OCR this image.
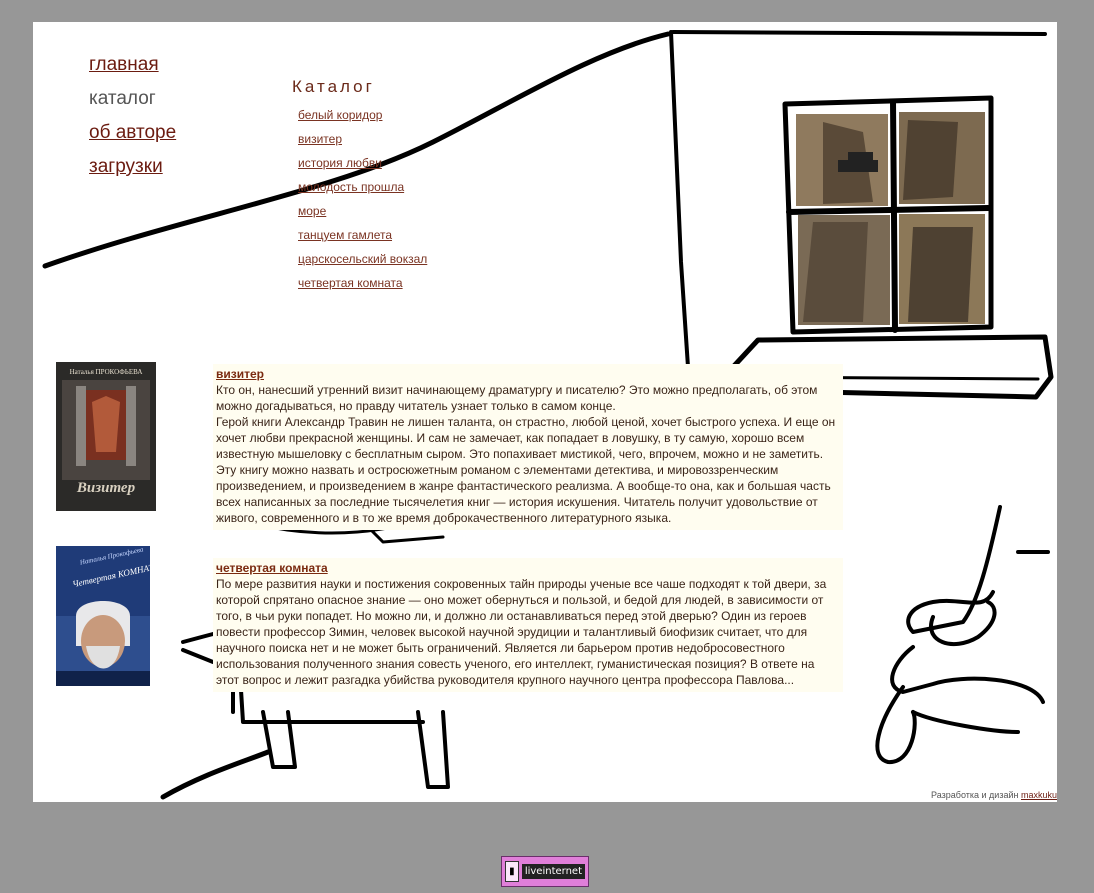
главная
каталог
об авторе
загрузки
Каталог
белый коридор
визитер
история любви
молодость прошла
море
танцуем гамлета
царскосельский вокзал
четвертая комната
Наталья ПРОКОФЬЕВА
Визитер
Наталья Прокофьева
Четвертая КОМНАТА
визитер

Кто он, нанесший утренний визит начинающему драматургу и писателю? Это можно предполагать, об этом можно догадываться, но правду читатель узнает только в самом конце.

Герой книги Александр Травин не лишен таланта, он страстно, любой ценой, хочет быстрого успеха. И еще он хочет любви прекрасной женщины. И сам не замечает, как попадает в ловушку, в ту самую, хорошо всем известную мышеловку с бесплатным сыром. Это попахивает мистикой, чего, впрочем, можно и не заметить. Эту книгу можно назвать и остросюжетным романом с элементами детектива, и мировоззренческим произведением, и произведением в жанре фантастического реализма. А вообще-то она, как и большая часть всех написанных за последние тысячелетия книг — история искушения. Читатель получит удовольствие от живого, современного и в то же время доброкачественного литературного языка.

четвертая комната

По мере развития науки и постижения сокровенных тайн природы ученые все чаше подходят к той двери, за которой спрятано опасное знание — оно может обернуться и пользой, и бедой для людей, в зависимости от того, в чьи руки попадет. Но можно ли, и должно ли останавливаться перед этой дверью? Один из героев повести профессор Зимин, человек высокой научной эрудиции и талантливый биофизик считает, что для научного поиска нет и не может быть ограничений. Является ли барьером против недобросовестного использования полученного знания совесть ученого, его интеллект, гуманистическая позиция? В ответе на этот вопрос и лежит разгадка убийства руководителя крупного научного центра профессора Павлова...

Разработка и дизайн maxkuku
▮	liveinternet
